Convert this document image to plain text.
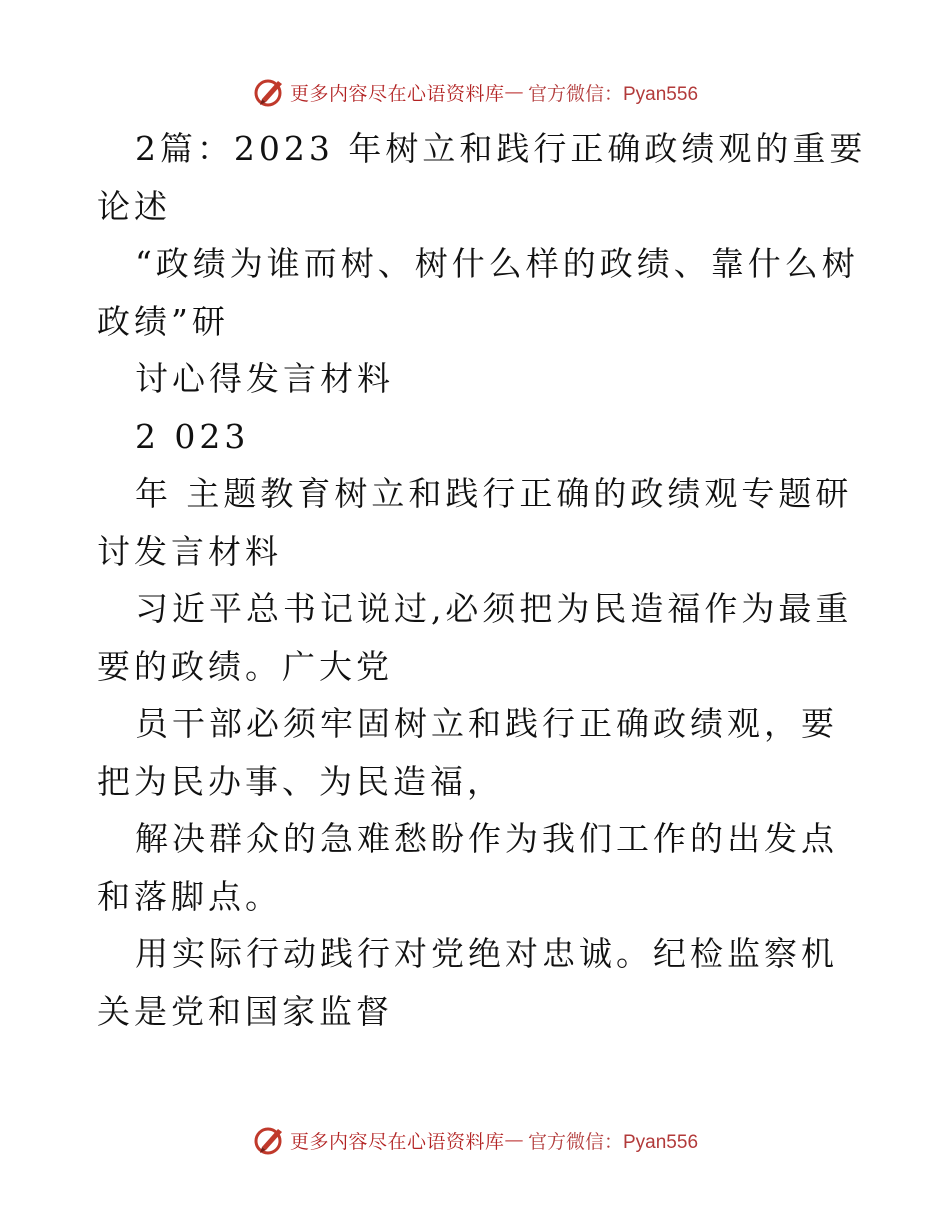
更多内容尽在心语资料库 — 官方微信：Pyan556

2篇：2023 年树立和践行正确政绩观的重要论述

“政绩为谁而树、树什么样的政绩、靠什么树政绩”研

讨心得发言材料

2 023

年 主题教育树立和践行正确的政绩观专题研讨发言材料

习近平总书记说过,必须把为民造福作为最重要的政绩。广大党

员干部必须牢固树立和践行正确政绩观，要把为民办事、为民造福，

解决群众的急难愁盼作为我们工作的出发点和落脚点。

用实际行动践行对党绝对忠诚。纪检监察机关是党和国家监督

更多内容尽在心语资料库 — 官方微信：Pyan556
